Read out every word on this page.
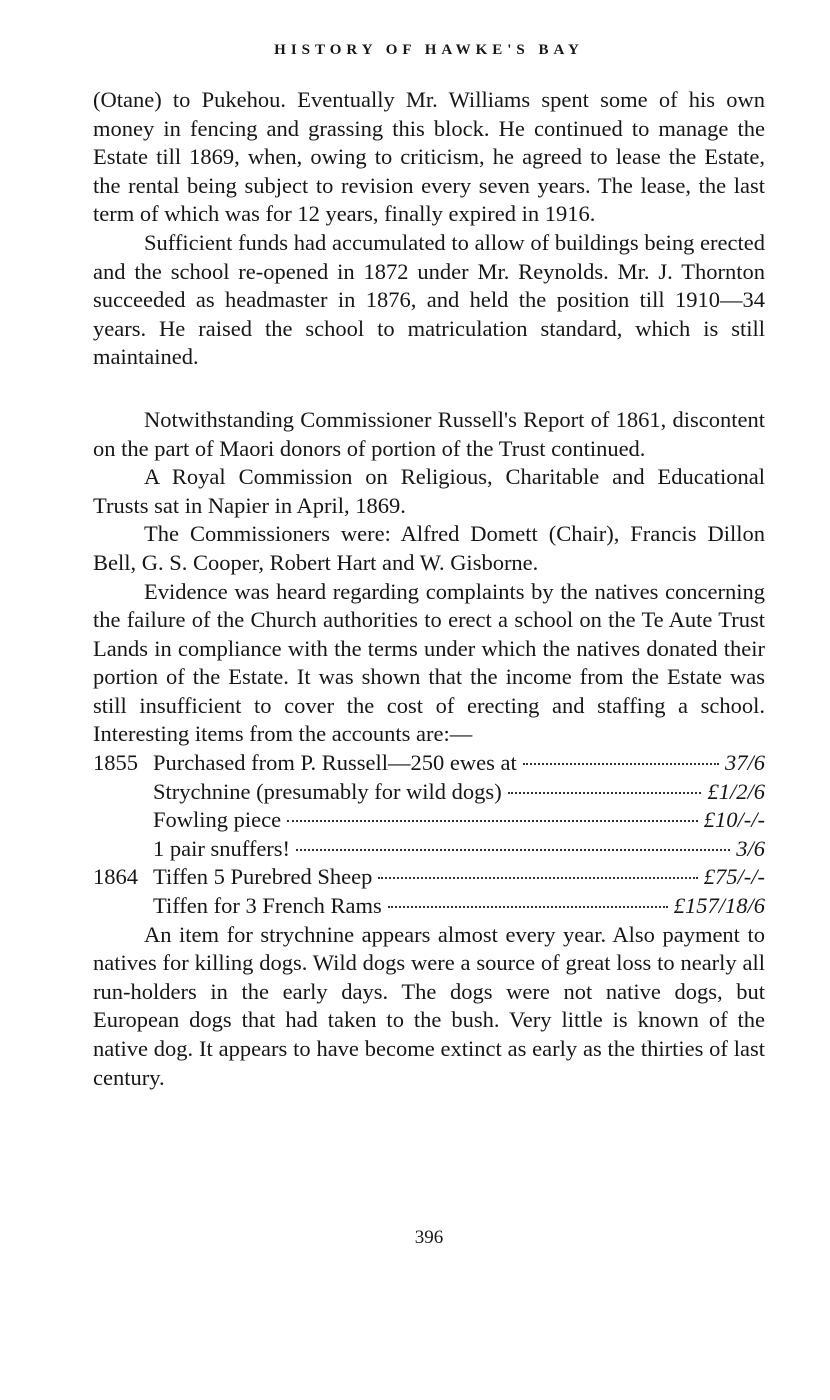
HISTORY OF HAWKE'S BAY

(Otane) to Pukehou. Eventually Mr. Williams spent some of his own money in fencing and grassing this block. He continued to manage the Estate till 1869, when, owing to criticism, he agreed to lease the Estate, the rental being subject to revision every seven years. The lease, the last term of which was for 12 years, finally expired in 1916.

Sufficient funds had accumulated to allow of buildings being erected and the school re-opened in 1872 under Mr. Reynolds. Mr. J. Thornton succeeded as headmaster in 1876, and held the position till 1910—34 years. He raised the school to matriculation standard, which is still maintained.

Notwithstanding Commissioner Russell's Report of 1861, discontent on the part of Maori donors of portion of the Trust continued.

A Royal Commission on Religious, Charitable and Educational Trusts sat in Napier in April, 1869.

The Commissioners were: Alfred Domett (Chair), Francis Dillon Bell, G. S. Cooper, Robert Hart and W. Gisborne.

Evidence was heard regarding complaints by the natives concerning the failure of the Church authorities to erect a school on the Te Aute Trust Lands in compliance with the terms under which the natives donated their portion of the Estate. It was shown that the income from the Estate was still insufficient to cover the cost of erecting and staffing a school. Interesting items from the accounts are:—

1855 Purchased from P. Russell—250 ewes at	37/6
Strychnine (presumably for wild dogs)	£1/2/6
Fowling piece	£10/-/-
1 pair snuffers!	3/6
1864 Tiffen 5 Purebred Sheep	£75/-/-
Tiffen for 3 French Rams	£157/18/6

An item for strychnine appears almost every year. Also payment to natives for killing dogs. Wild dogs were a source of great loss to nearly all run-holders in the early days. The dogs were not native dogs, but European dogs that had taken to the bush. Very little is known of the native dog. It appears to have become extinct as early as the thirties of last century.

396
